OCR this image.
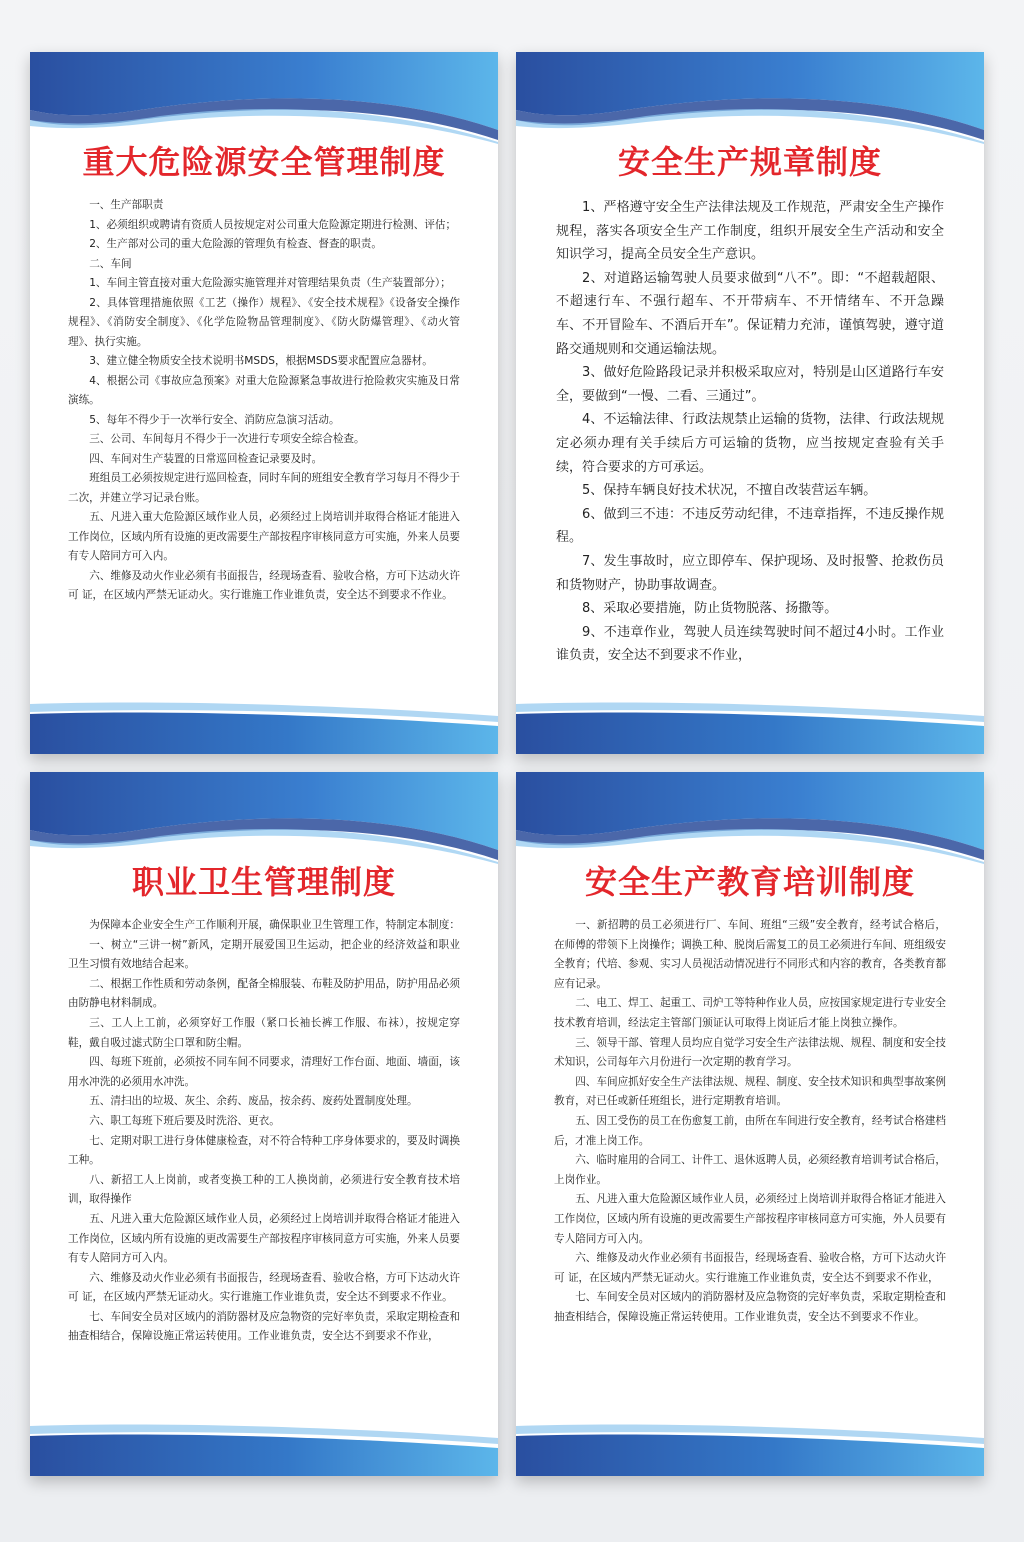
重大危险源安全管理制度

一、生产部职责

1、必须组织或聘请有资质人员按规定对公司重大危险源定期进行检测、评估；

2、生产部对公司的重大危险源的管理负有检查、督查的职责。

二、车间

1、车间主管直接对重大危险源实施管理并对管理结果负责（生产装置部分）；

2、具体管理措施依照《工艺（操作）规程》、《安全技术规程》《设备安全操作规程》、《消防安全制度》、《化学危险物品管理制度》、《防火防爆管理》、《动火管理》、执行实施。

3、建立健全物质安全技术说明书MSDS，根据MSDS要求配置应急器材。

4、根据公司《事故应急预案》对重大危险源紧急事故进行抢险救灾实施及日常演练。

5、每年不得少于一次举行安全、消防应急演习活动。

三、公司、车间每月不得少于一次进行专项安全综合检查。

四、车间对生产装置的日常巡回检查记录要及时。

班组员工必须按规定进行巡回检查，同时车间的班组安全教育学习每月不得少于二次，并建立学习记录台账。

五、凡进入重大危险源区域作业人员，必须经过上岗培训并取得合格证才能进入工作岗位，区域内所有设施的更改需要生产部按程序审核同意方可实施，外来人员要有专人陪同方可入内。

六、维修及动火作业必须有书面报告，经现场查看、验收合格，方可下达动火许可 证，在区域内严禁无证动火。实行谁施工作业谁负责，安全达不到要求不作业。

安全生产规章制度

1、严格遵守安全生产法律法规及工作规范，严肃安全生产操作规程，落实各项安全生产工作制度，组织开展安全生产活动和安全知识学习，提高全员安全生产意识。

2、对道路运输驾驶人员要求做到“八不”。即：“不超载超限、不超速行车、不强行超车、不开带病车、不开情绪车、不开急躁车、不开冒险车、不酒后开车”。保证精力充沛，谨慎驾驶，遵守道路交通规则和交通运输法规。

3、做好危险路段记录并积极采取应对，特别是山区道路行车安全，要做到“一慢、二看、三通过”。

4、不运输法律、行政法规禁止运输的货物，法律、行政法规规定必须办理有关手续后方可运输的货物，应当按规定查验有关手续，符合要求的方可承运。

5、保持车辆良好技术状况，不擅自改装营运车辆。

6、做到三不违：不违反劳动纪律，不违章指挥，不违反操作规程。

7、发生事故时，应立即停车、保护现场、及时报警、抢救伤员和货物财产，协助事故调查。

8、采取必要措施，防止货物脱落、扬撒等。

9、不违章作业，驾驶人员连续驾驶时间不超过4小时。工作业谁负责，安全达不到要求不作业，

职业卫生管理制度

为保障本企业安全生产工作顺利开展，确保职业卫生管理工作，特制定本制度：

一、树立“三讲一树”新风，定期开展爱国卫生运动，把企业的经济效益和职业卫生习惯有效地结合起来。

二、根据工作性质和劳动条例，配备全棉服装、布鞋及防护用品，防护用品必须由防静电材料制成。

三、工人上工前，必须穿好工作服（紧口长袖长裤工作服、布袜），按规定穿鞋，戴自吸过滤式防尘口罩和防尘帽。

四、每班下班前，必须按不同车间不同要求，清理好工作台面、地面、墙面，该用水冲洗的必须用水冲洗。

五、清扫出的垃圾、灰尘、余药、废品，按余药、废药处置制度处理。

六、职工每班下班后要及时洗浴、更衣。

七、定期对职工进行身体健康检查，对不符合特种工序身体要求的，要及时调换工种。

八、新招工人上岗前，或者变换工种的工人换岗前，必须进行安全教育技术培训，取得操作

五、凡进入重大危险源区域作业人员，必须经过上岗培训并取得合格证才能进入工作岗位，区域内所有设施的更改需要生产部按程序审核同意方可实施，外来人员要有专人陪同方可入内。

六、维修及动火作业必须有书面报告，经现场查看、验收合格，方可下达动火许可 证，在区域内严禁无证动火。实行谁施工作业谁负责，安全达不到要求不作业。

七、车间安全员对区域内的消防器材及应急物资的完好率负责，采取定期检查和抽查相结合，保障设施正常运转使用。工作业谁负责，安全达不到要求不作业，

安全生产教育培训制度

一、新招聘的员工必须进行厂、车间、班组“三级”安全教育，经考试合格后，在师傅的带领下上岗操作；调换工种、脱岗后需复工的员工必须进行车间、班组级安全教育；代培、参观、实习人员视活动情况进行不同形式和内容的教育，各类教育都应有记录。

二、电工、焊工、起重工、司炉工等特种作业人员，应按国家规定进行专业安全技术教育培训，经法定主管部门颁证认可取得上岗证后才能上岗独立操作。

三、领导干部、管理人员均应自觉学习安全生产法律法规、规程、制度和安全技术知识，公司每年六月份进行一次定期的教育学习。

四、车间应抓好安全生产法律法规、规程、制度、安全技术知识和典型事故案例教育，对已任或新任班组长，进行定期教育培训。

五、因工受伤的员工在伤愈复工前，由所在车间进行安全教育，经考试合格建档后，才准上岗工作。

六、临时雇用的合同工、计件工、退休返聘人员，必须经教育培训考试合格后，上岗作业。

五、凡进入重大危险源区域作业人员，必须经过上岗培训并取得合格证才能进入工作岗位，区域内所有设施的更改需要生产部按程序审核同意方可实施，外人员要有专人陪同方可入内。

六、维修及动火作业必须有书面报告，经现场查看、验收合格，方可下达动火许可 证，在区域内严禁无证动火。实行谁施工作业谁负责，安全达不到要求不作业，

七、车间安全员对区域内的消防器材及应急物资的完好率负责，采取定期检查和抽查相结合，保障设施正常运转使用。工作业谁负责，安全达不到要求不作业。
